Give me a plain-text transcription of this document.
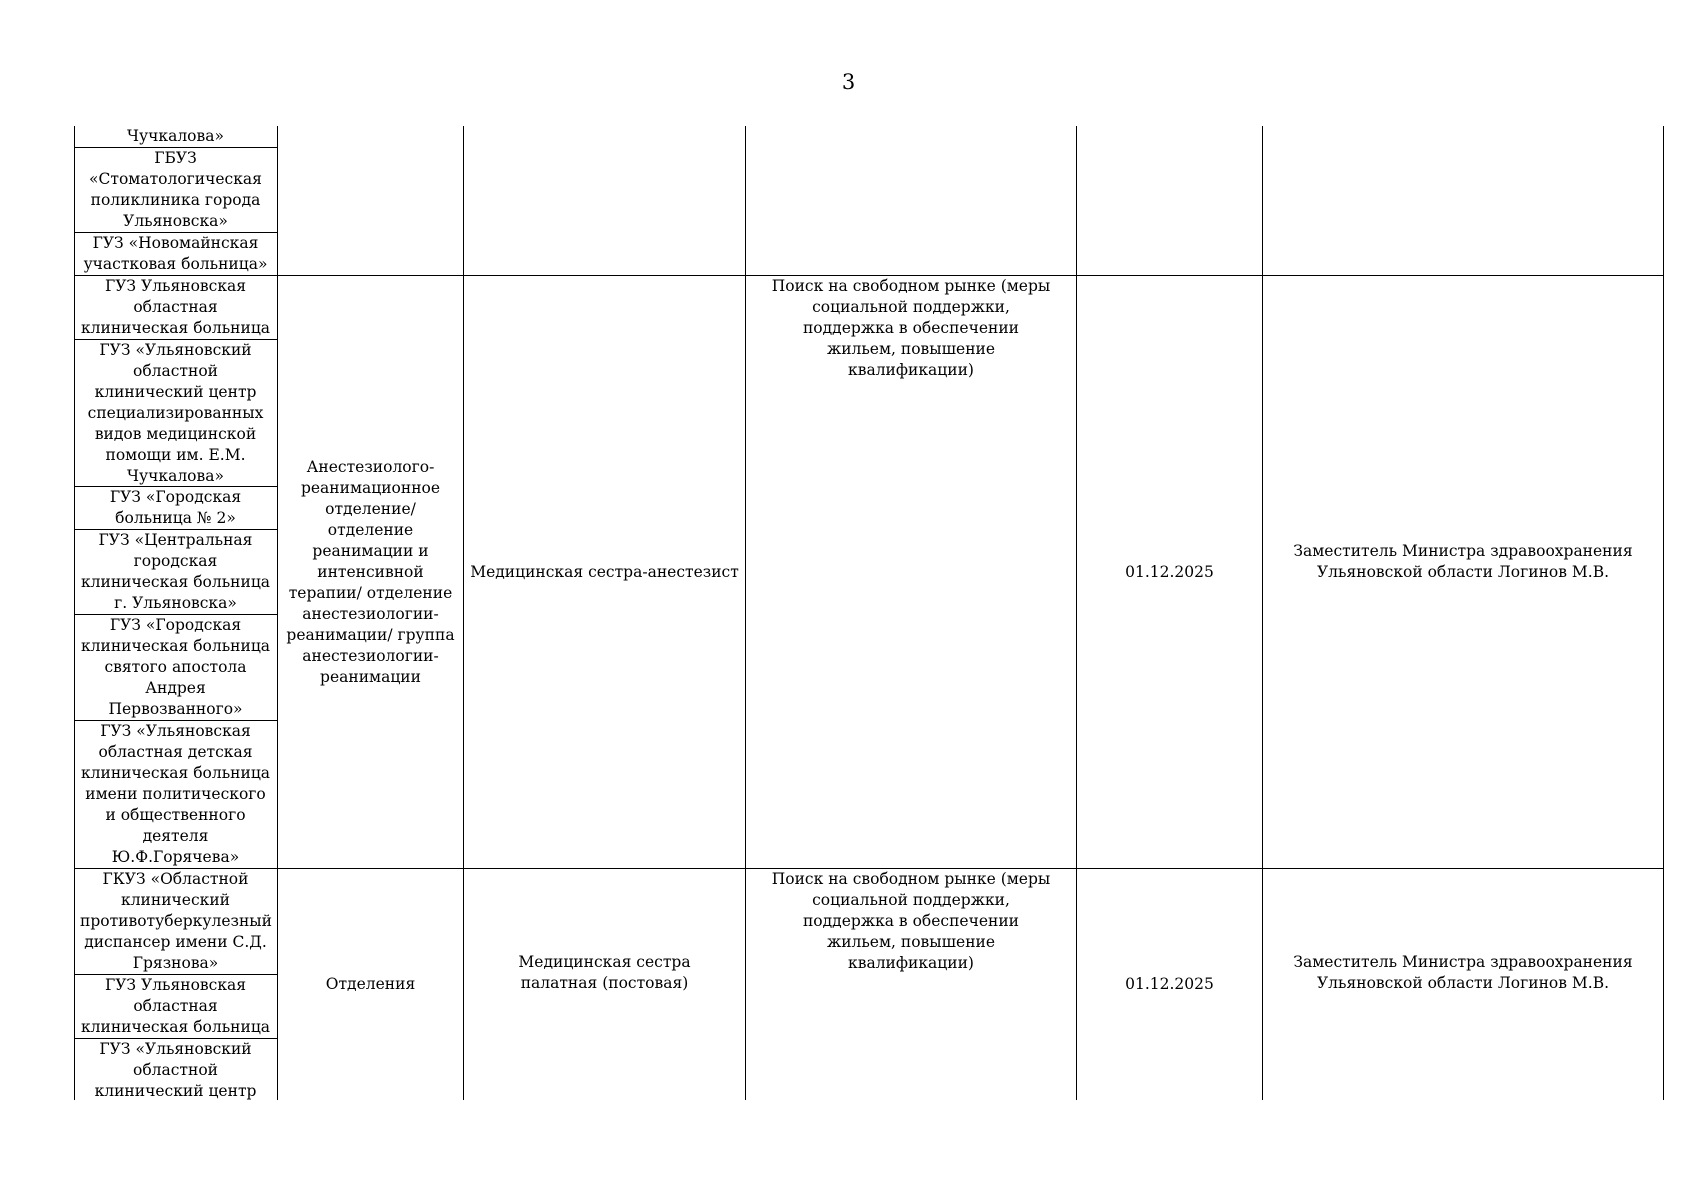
3
Чучкалова»
ГБУЗ «Стоматологическая поликлиника города Ульяновска»
ГУЗ «Новомайнская участковая больница»
ГУЗ Ульяновская областная клиническая больница
ГУЗ «Ульяновский областной клинический центр специализированных видов медицинской помощи им. Е.М. Чучкалова»
ГУЗ «Городская больница № 2»
ГУЗ «Центральная городская клиническая больница г. Ульяновска»
ГУЗ «Городская клиническая больница святого апостола Андрея Первозванного»
ГУЗ «Ульяновская областная детская клиническая больница имени политического и общественного деятеля Ю.Ф.Горячева»
Анестезиолого-реанимационное отделение/ отделение реанимации и интенсивной терапии/ отделение анестезиологии-реанимации/ группа анестезиологии-реанимации
Медицинская сестра-анестезист
Поиск на свободном рынке (меры социальной поддержки, поддержка в обеспечении жильем, повышение квалификации)
01.12.2025
Заместитель Министра здравоохранения Ульяновской области Логинов М.В.
ГКУЗ «Областной клинический противотуберкулезный диспансер имени С.Д. Грязнова»
ГУЗ Ульяновская областная клиническая больница
ГУЗ «Ульяновский областной клинический центр
Отделения
Медицинская сестра палатная (постовая)
Поиск на свободном рынке (меры социальной поддержки, поддержка в обеспечении жильем, повышение квалификации)
01.12.2025
Заместитель Министра здравоохранения Ульяновской области Логинов М.В.
